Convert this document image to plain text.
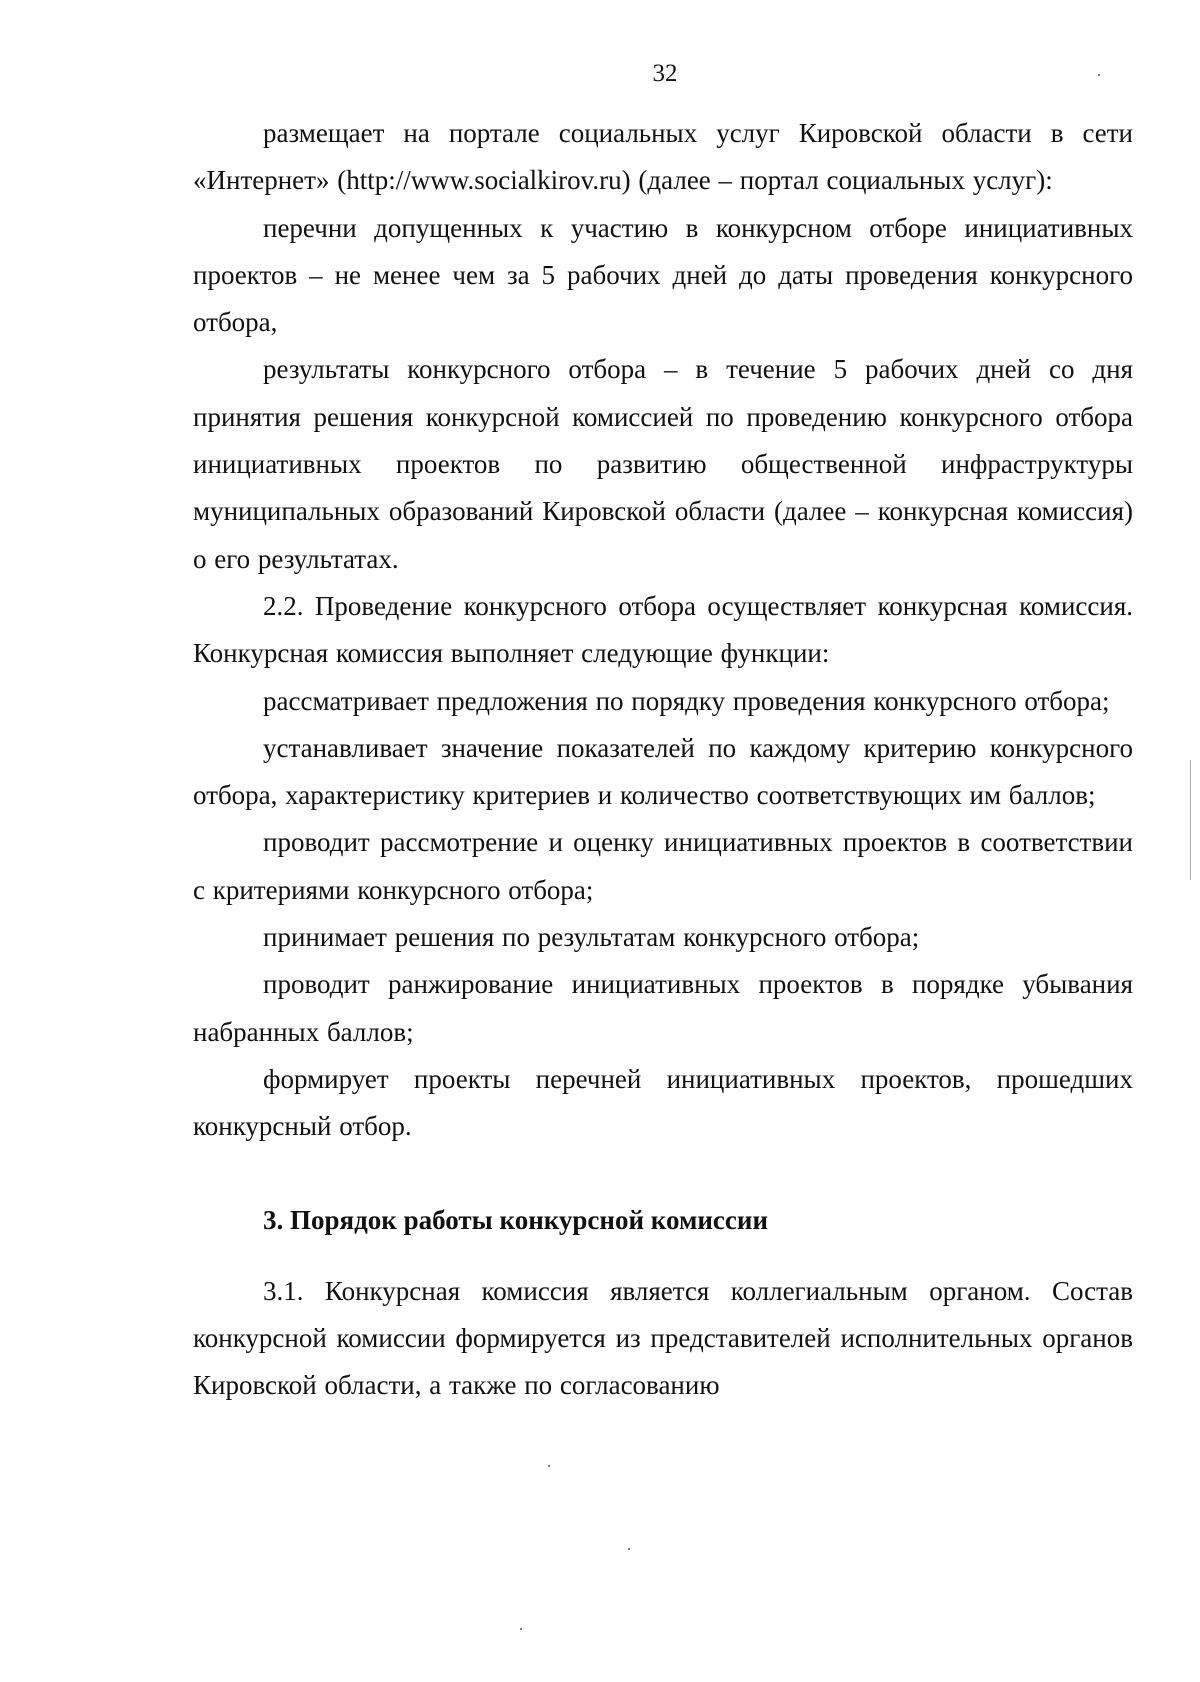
32

размещает на портале социальных услуг Кировской области в сети «Интернет» (http://www.socialkirov.ru) (далее – портал социальных услуг):

перечни допущенных к участию в конкурсном отборе инициативных проектов – не менее чем за 5 рабочих дней до даты проведения конкурсного отбора,

результаты конкурсного отбора – в течение 5 рабочих дней со дня принятия решения конкурсной комиссией по проведению конкурсного отбора инициативных проектов по развитию общественной инфраструктуры муниципальных образований Кировской области (далее – конкурсная комиссия) о его результатах.

2.2. Проведение конкурсного отбора осуществляет конкурсная комиссия. Конкурсная комиссия выполняет следующие функции:

рассматривает предложения по порядку проведения конкурсного отбора;

устанавливает значение показателей по каждому критерию конкурсного отбора, характеристику критериев и количество соответствующих им баллов;

проводит рассмотрение и оценку инициативных проектов в соответствии с критериями конкурсного отбора;

принимает решения по результатам конкурсного отбора;

проводит ранжирование инициативных проектов в порядке убывания набранных баллов;

формирует проекты перечней инициативных проектов, прошедших конкурсный отбор.

3. Порядок работы конкурсной комиссии

3.1. Конкурсная комиссия является коллегиальным органом. Состав конкурсной комиссии формируется из представителей исполнительных органов Кировской области, а также по согласованию
